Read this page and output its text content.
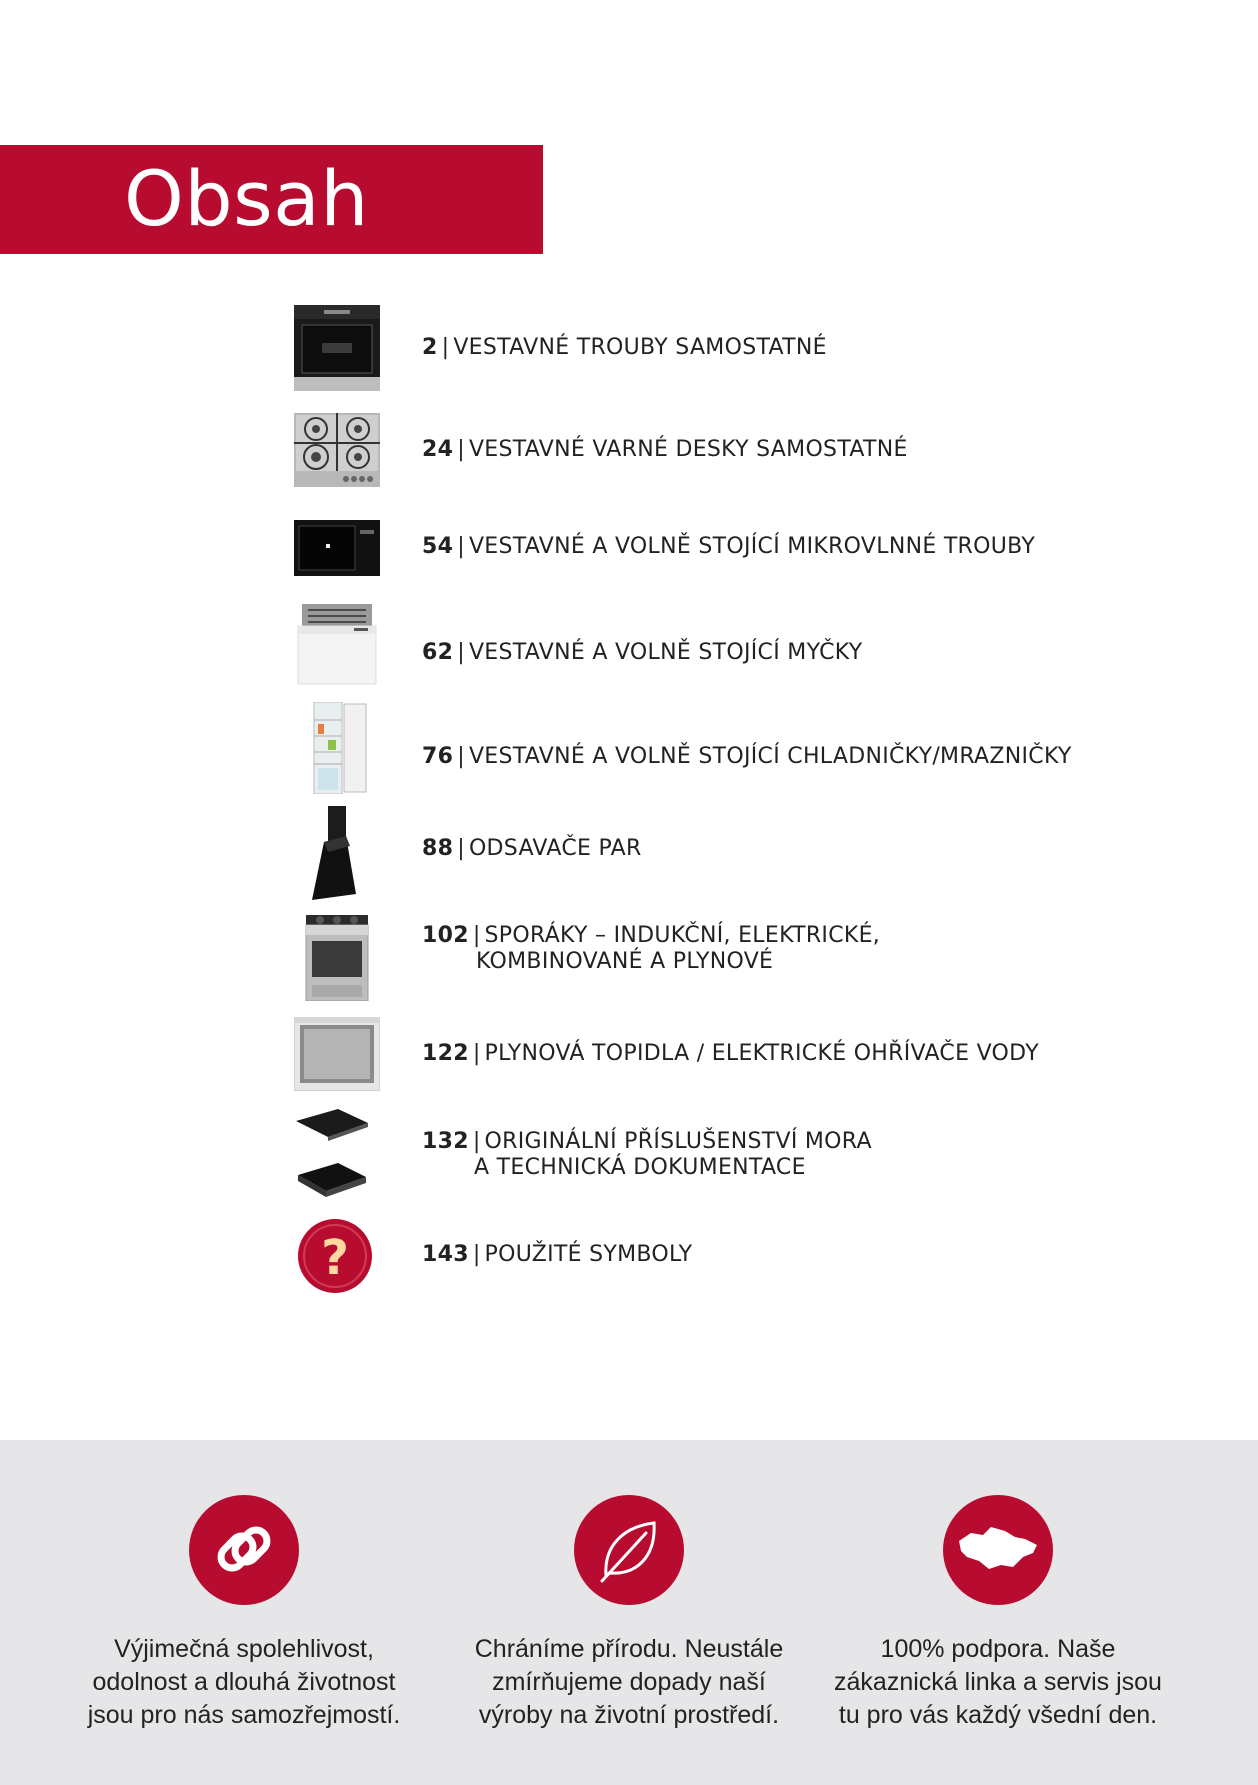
Obsah
2 | VESTAVNÉ TROUBY SAMOSTATNÉ
24 | VESTAVNÉ VARNÉ DESKY SAMOSTATNÉ
54 | VESTAVNÉ A VOLNĚ STOJÍCÍ MIKROVLNNÉ TROUBY
62 | VESTAVNÉ A VOLNĚ STOJÍCÍ MYČKY
76 | VESTAVNÉ A VOLNĚ STOJÍCÍ CHLADNIČKY/MRAZNIČKY
88 | ODSAVAČE PAR
102 | SPORÁKY – INDUKČNÍ, ELEKTRICKÉ,
KOMBINOVANÉ A PLYNOVÉ
122 | PLYNOVÁ TOPIDLA / ELEKTRICKÉ OHŘÍVAČE VODY
132 | ORIGINÁLNÍ PŘÍSLUŠENSTVÍ MORA
A TECHNICKÁ DOKUMENTACE
?	143 | POUŽITÉ SYMBOLY
Výjimečná spolehlivost,
odolnost a dlouhá životnost
jsou pro nás samozřejmostí.
Chráníme přírodu. Neustále
zmírňujeme dopady naší
výroby na životní prostředí.
100% podpora. Naše
zákaznická linka a servis jsou
tu pro vás každý všední den.
